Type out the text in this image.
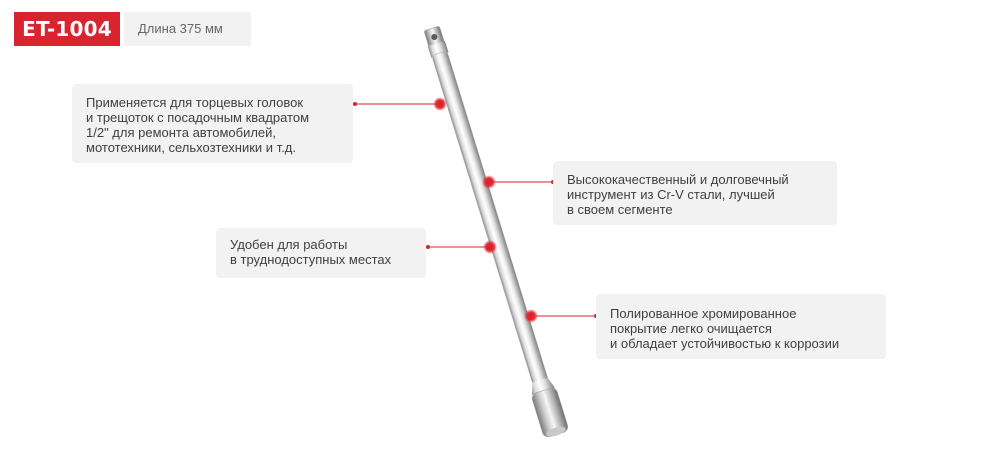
ET-1004	Длина 375 мм
Применяется для торцевых головок
и трещоток с посадочным квадратом
1/2" для ремонта автомобилей,
мототехники, сельхозтехники и т.д.
Высококачественный и долговечный
инструмент из Cr-V стали, лучшей
в своем сегменте
Удобен для работы
в труднодоступных местах
Полированное хромированное
покрытие легко очищается
и обладает устойчивостью к коррозии
